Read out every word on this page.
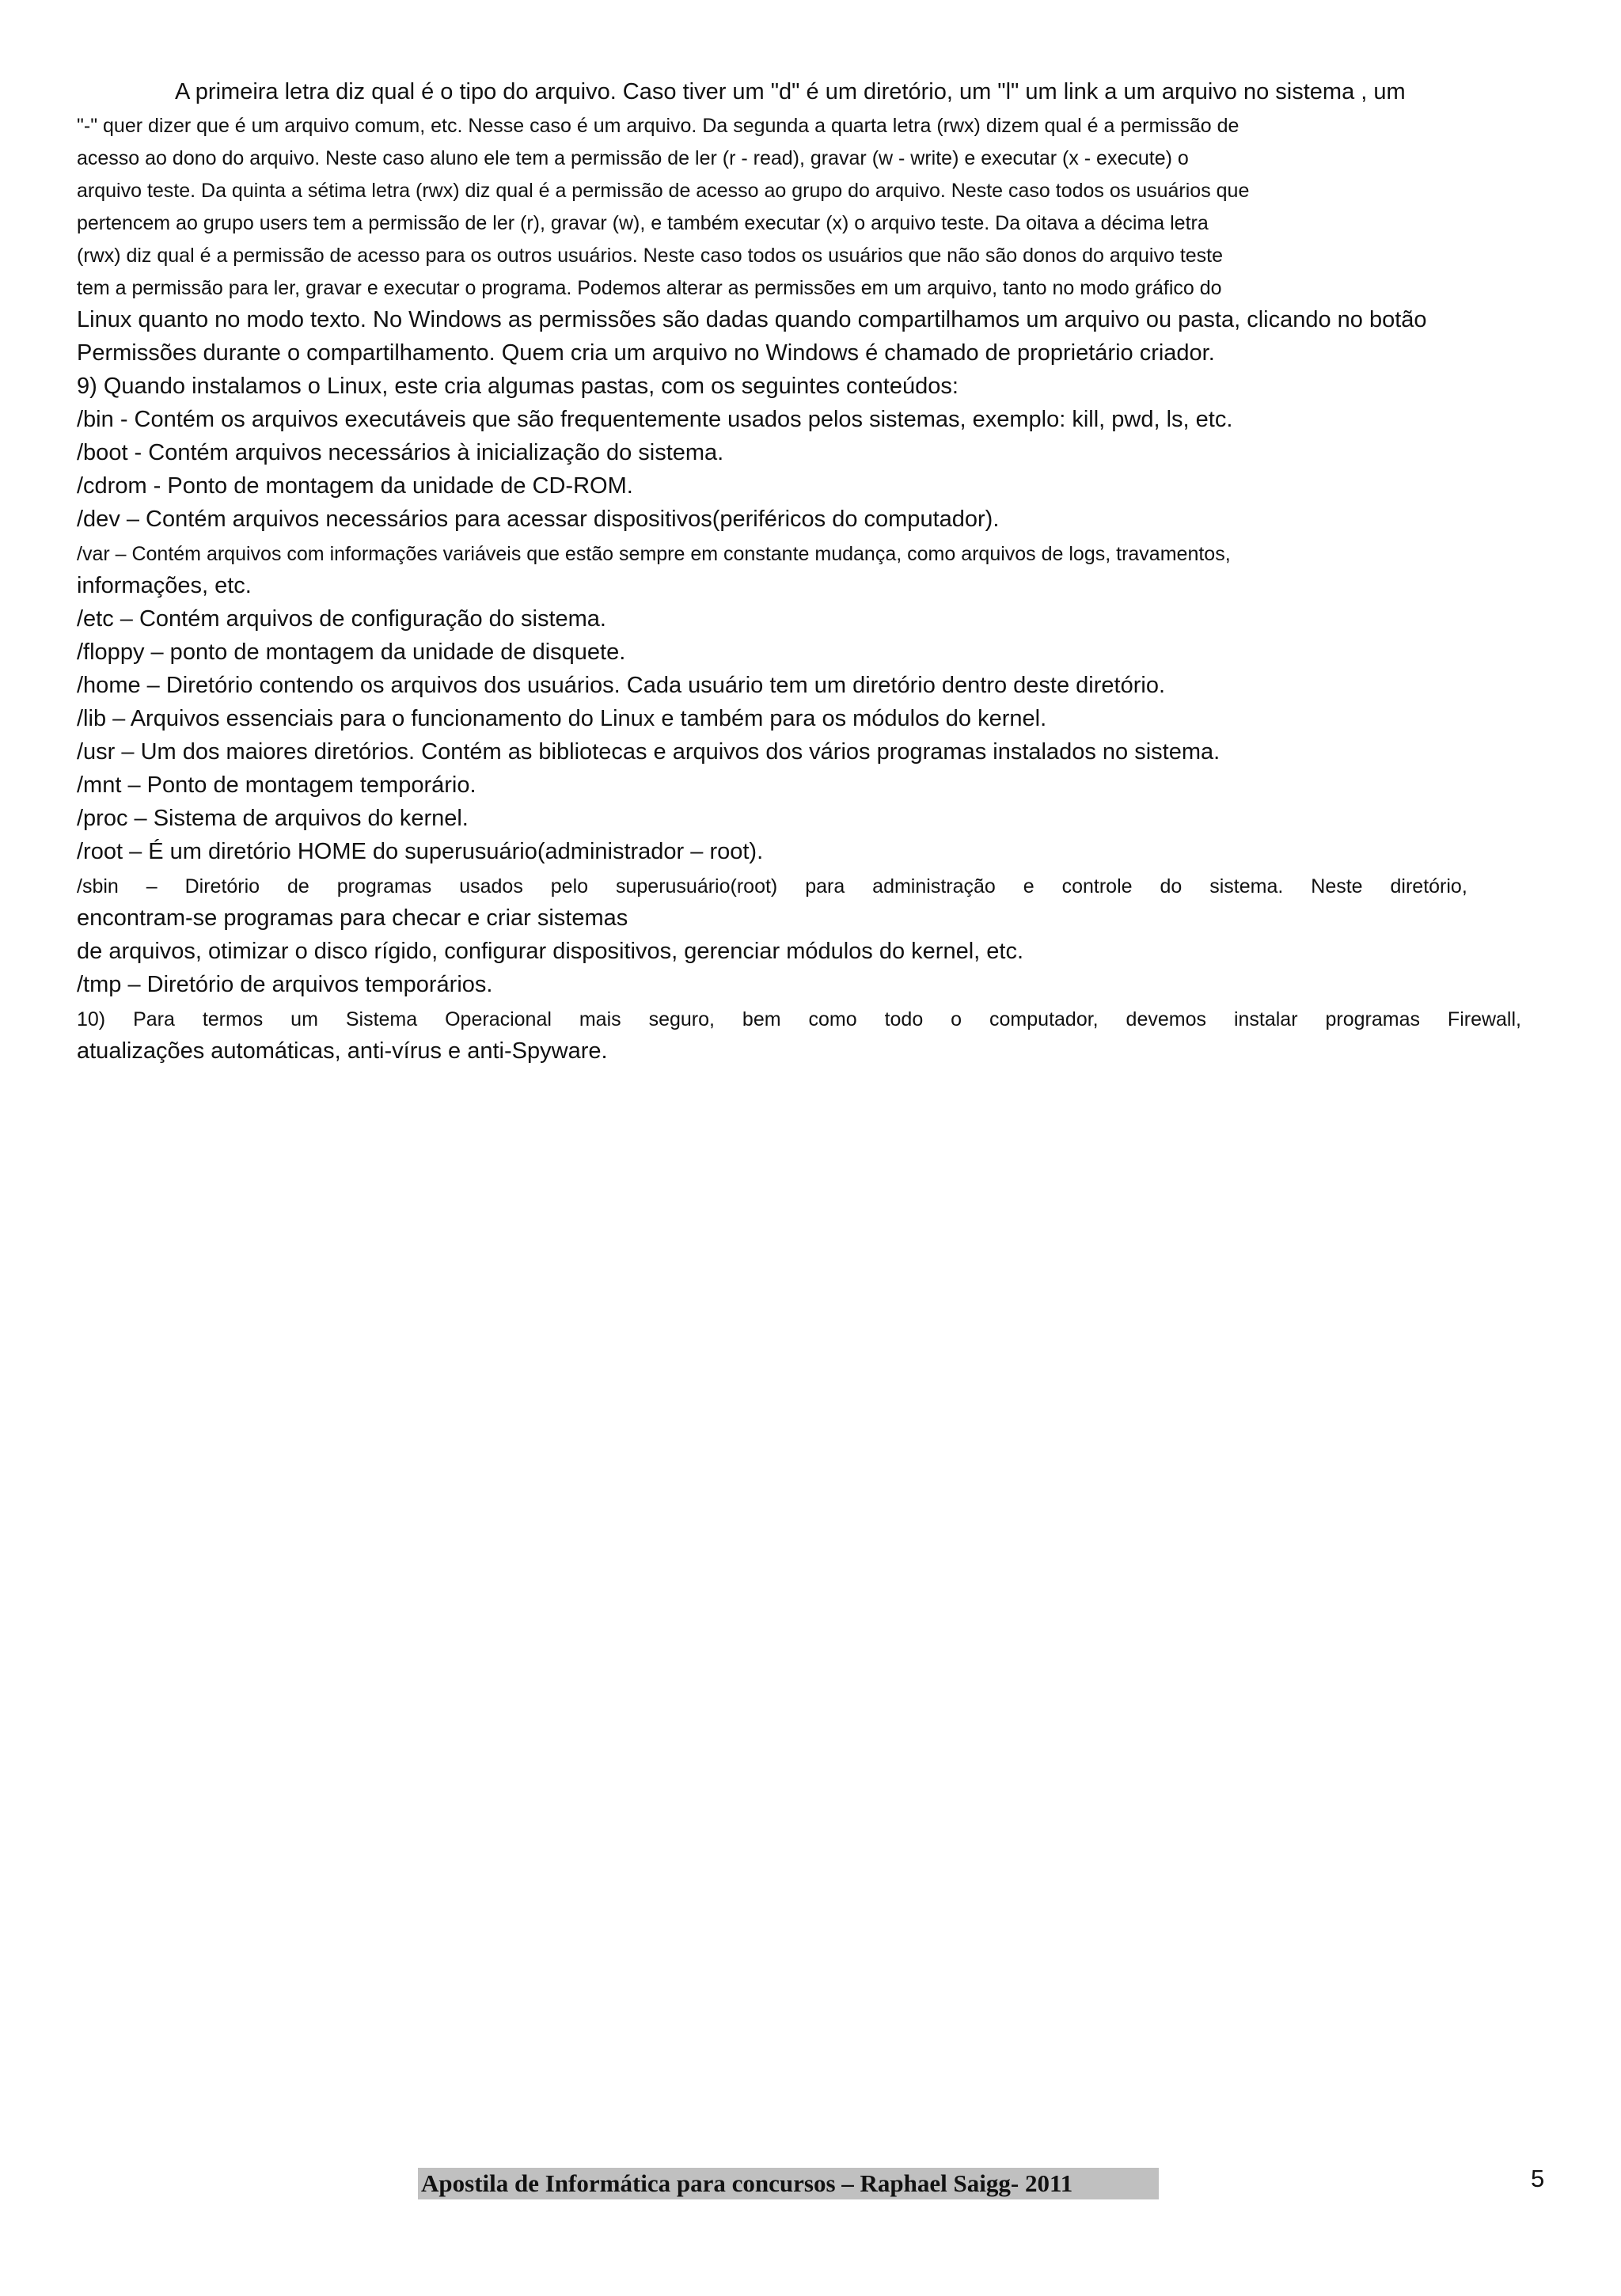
A primeira letra diz qual é o tipo do arquivo. Caso tiver um "d" é um diretório, um "l" um link a um arquivo no sistema , um
"-" quer dizer que é um arquivo comum, etc. Nesse caso é um arquivo. Da segunda a quarta letra (rwx) dizem qual é a permissão de
acesso ao dono do arquivo. Neste caso aluno ele tem a permissão de ler (r - read), gravar (w - write) e executar (x - execute) o
arquivo teste. Da quinta a sétima letra (rwx) diz qual é a permissão de acesso ao grupo do arquivo. Neste caso todos os usuários que
pertencem ao grupo users tem a permissão de ler (r), gravar (w), e também executar (x) o arquivo teste. Da oitava a décima letra
(rwx) diz qual é a permissão de acesso para os outros usuários. Neste caso todos os usuários que não são donos do arquivo teste
tem a permissão para ler, gravar e executar o programa. Podemos alterar as permissões em um arquivo, tanto no modo gráfico do
Linux quanto no modo texto. No Windows as permissões são dadas quando compartilhamos um arquivo ou pasta, clicando no botão
Permissões durante o compartilhamento. Quem cria um arquivo no Windows é chamado de proprietário criador.
9) Quando instalamos o Linux, este cria algumas pastas, com os seguintes conteúdos:
/bin - Contém os arquivos executáveis que são frequentemente usados pelos sistemas, exemplo: kill, pwd, ls, etc.
/boot - Contém arquivos necessários à inicialização do sistema.
/cdrom - Ponto de montagem da unidade de CD-ROM.
/dev – Contém arquivos necessários para acessar dispositivos(periféricos do computador).
/var – Contém arquivos com informações variáveis que estão sempre em constante mudança, como arquivos de logs, travamentos,
informações, etc.
/etc – Contém arquivos de configuração do sistema.
/floppy – ponto de montagem da unidade de disquete.
/home – Diretório contendo os arquivos dos usuários. Cada usuário tem um diretório dentro deste diretório.
/lib – Arquivos essenciais para o funcionamento do Linux e também para os módulos do kernel.
/usr – Um dos maiores diretórios. Contém as bibliotecas e arquivos dos vários programas instalados no sistema.
/mnt – Ponto de montagem temporário.
/proc – Sistema de arquivos do kernel.
/root – É um diretório HOME do superusuário(administrador – root).
/sbin – Diretório de programas usados pelo superusuário(root) para administração e controle do sistema. Neste diretório,
encontram-se programas para checar e criar sistemas
de arquivos, otimizar o disco rígido, configurar dispositivos, gerenciar módulos do kernel, etc.
/tmp – Diretório de arquivos temporários.
10) Para termos um Sistema Operacional mais seguro, bem como todo o computador, devemos instalar programas Firewall,
atualizações automáticas, anti-vírus e anti-Spyware.
Apostila de Informática para concursos – Raphael Saigg- 2011	5
